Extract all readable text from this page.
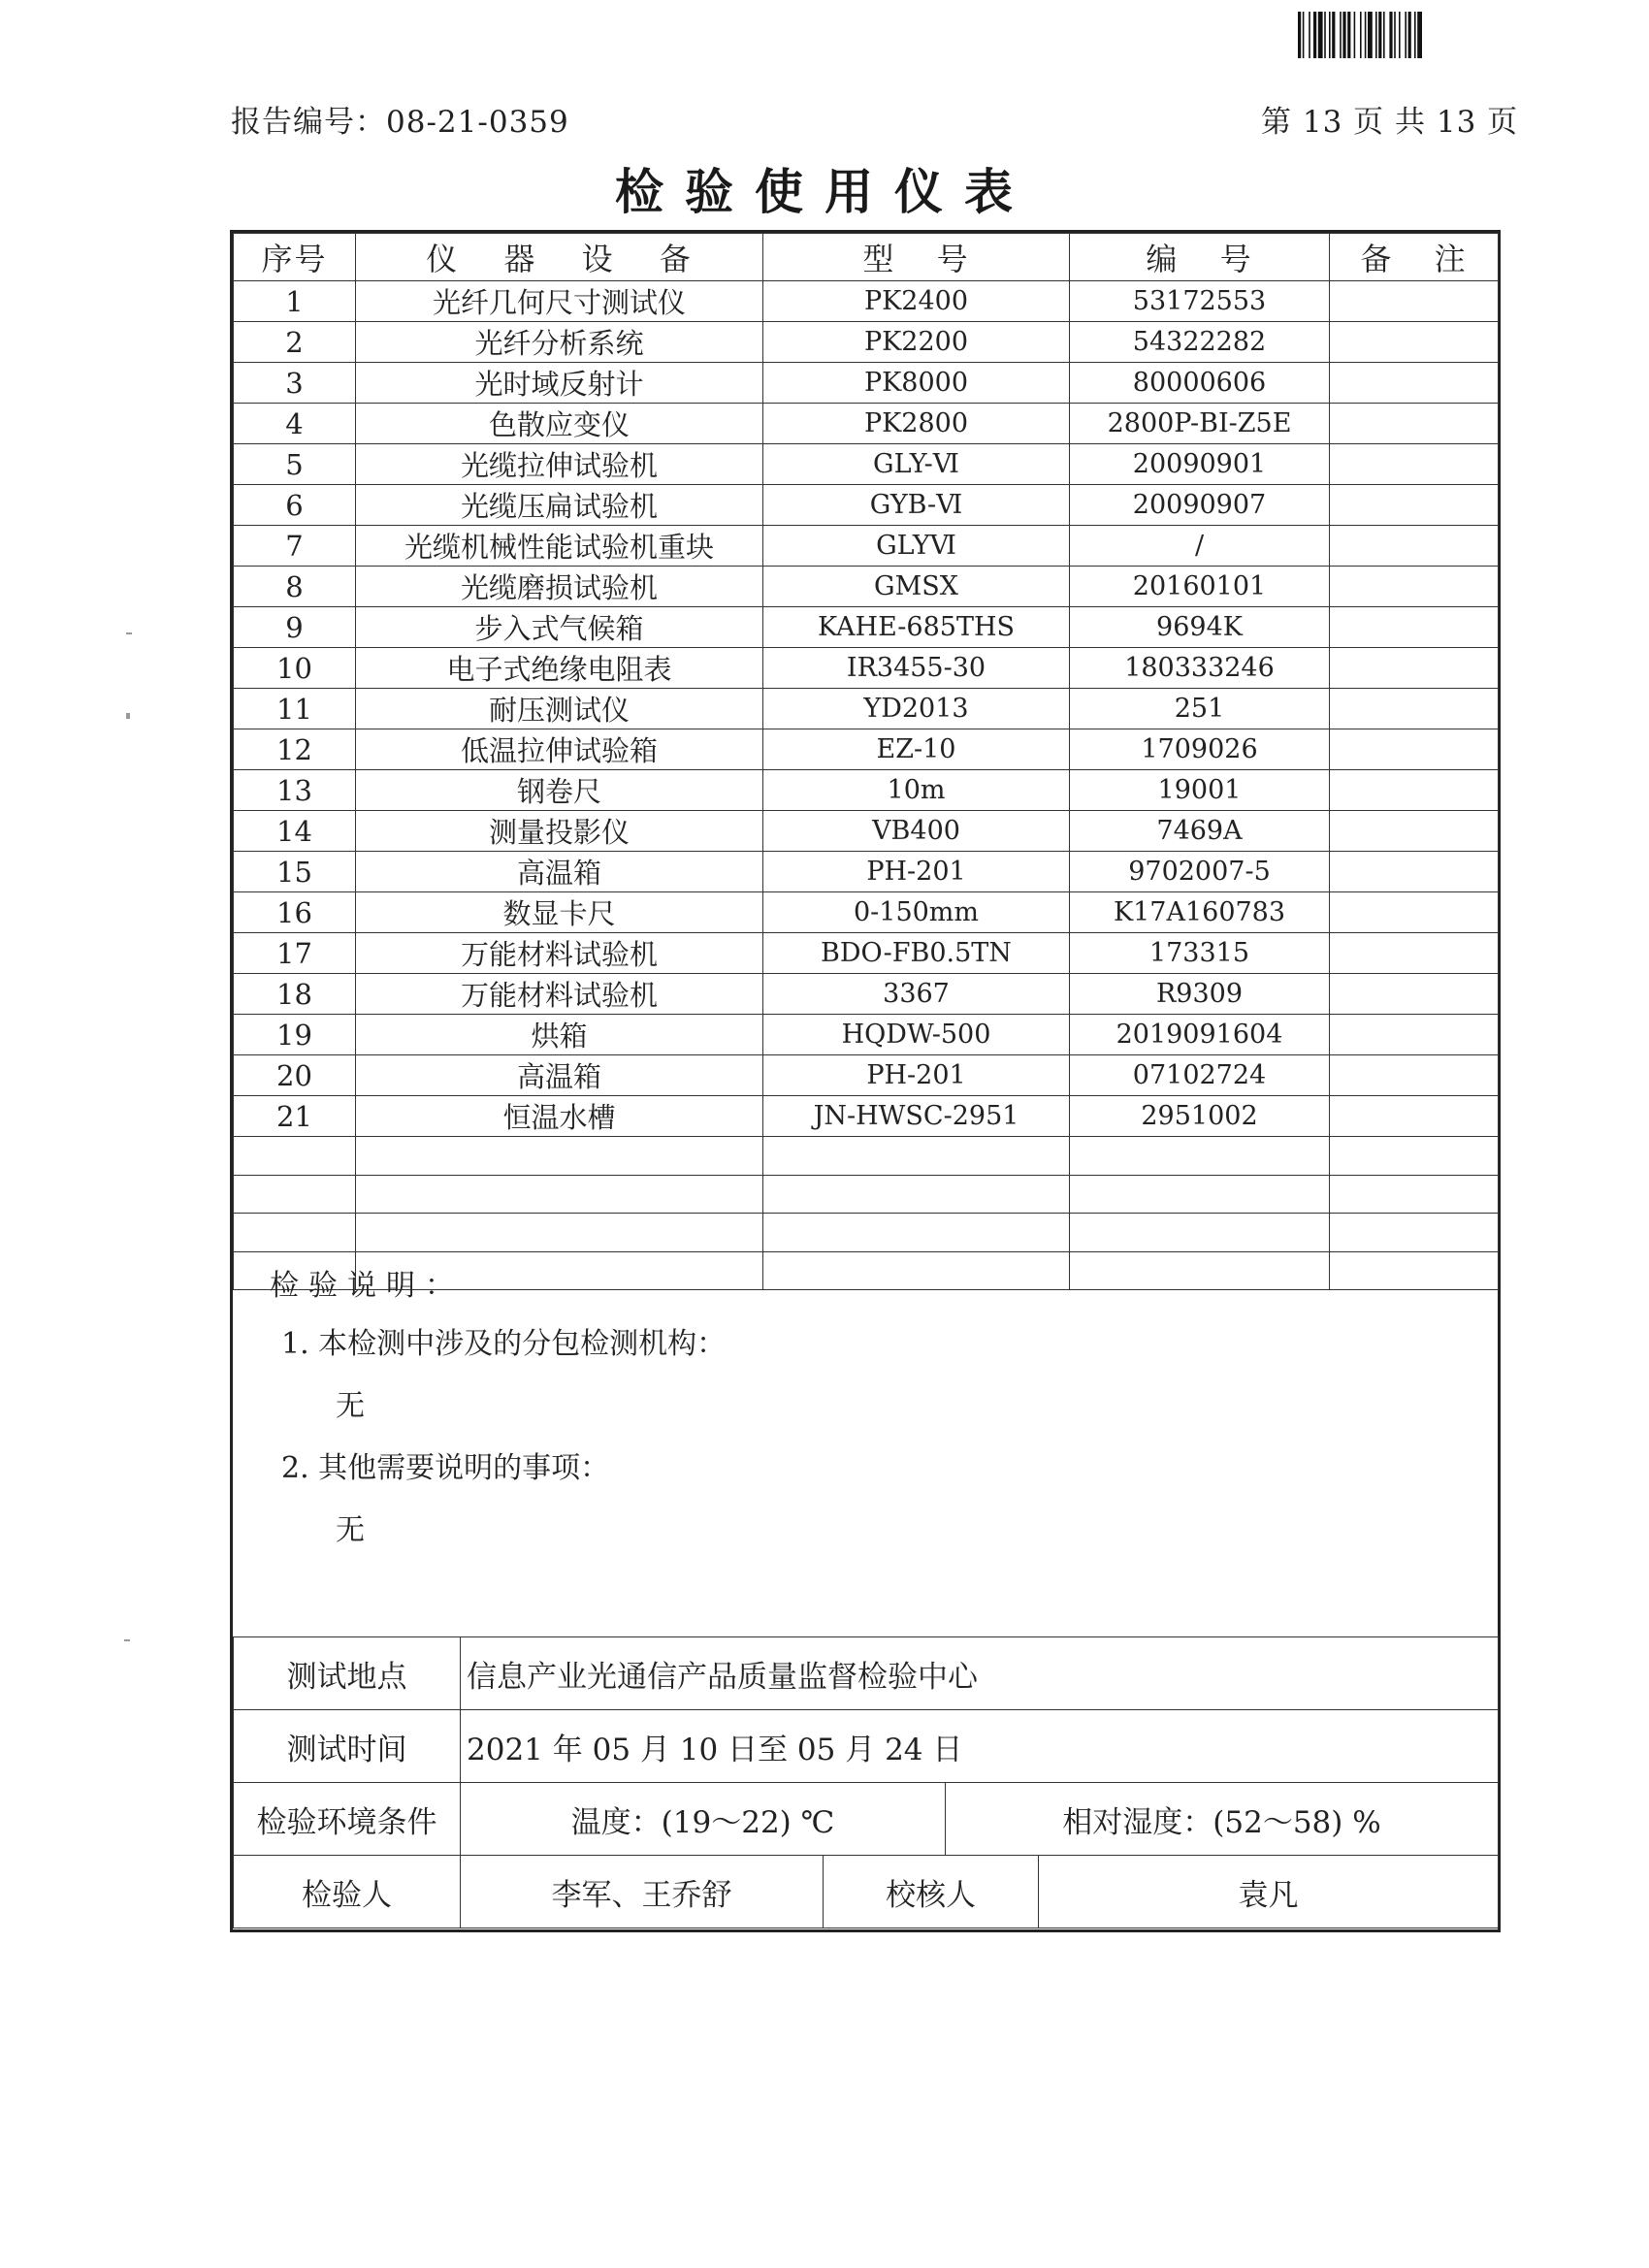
报告编号：08-21-0359	第 13 页 共 13 页
检验使用仪表
序号	仪 器 设 备	型 号	编 号	备 注
1	光纤几何尺寸测试仪	PK2400	53172553	
2	光纤分析系统	PK2200	54322282	
3	光时域反射计	PK8000	80000606	
4	色散应变仪	PK2800	2800P-BI-Z5E	
5	光缆拉伸试验机	GLY-Ⅵ	20090901	
6	光缆压扁试验机	GYB-Ⅵ	20090907	
7	光缆机械性能试验机重块	GLYⅥ	/	
8	光缆磨损试验机	GMSX	20160101	
9	步入式气候箱	KAHE-685THS	9694K	
10	电子式绝缘电阻表	IR3455-30	180333246	
11	耐压测试仪	YD2013	251	
12	低温拉伸试验箱	EZ-10	1709026	
13	钢卷尺	10m	19001	
14	测量投影仪	VB400	7469A	
15	高温箱	PH-201	9702007-5	
16	数显卡尺	0-150mm	K17A160783	
17	万能材料试验机	BDO-FB0.5TN	173315	
18	万能材料试验机	3367	R9309	
19	烘箱	HQDW-500	2019091604	
20	高温箱	PH-201	07102724	
21	恒温水槽	JN-HWSC-2951	2951002	

检验说明：
1. 本检测中涉及的分包检测机构：
无
2. 其他需要说明的事项：
无
测试地点	信息产业光通信产品质量监督检验中心			
测试时间	2021 年 05 月 10 日至 05 月 24 日			
检验环境条件	温度：(19～22) ℃		相对湿度：(52～58) %	
检验人	李军、王乔舒	校核人		袁凡
